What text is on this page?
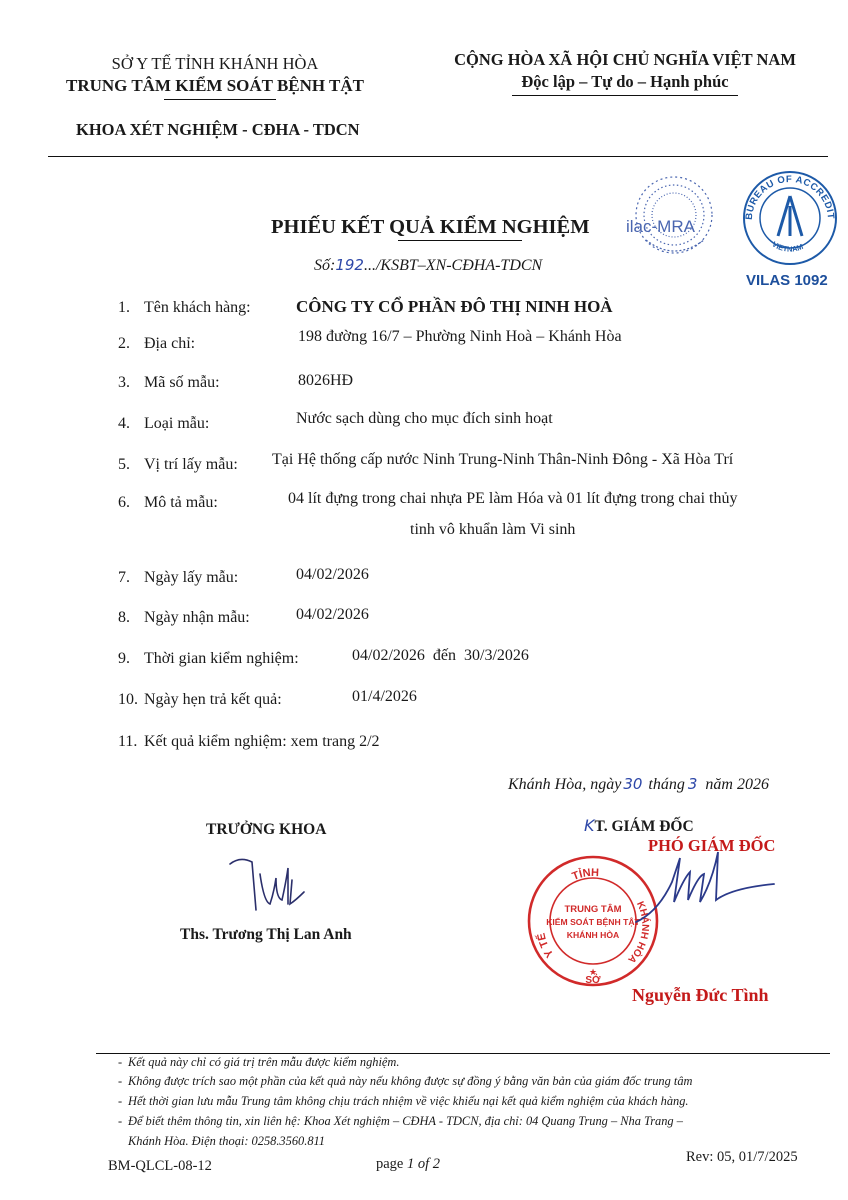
SỞ Y TẾ TỈNH KHÁNH HÒA
TRUNG TÂM KIỂM SOÁT BỆNH TẬT
KHOA XÉT NGHIỆM - CĐHA - TDCN
CỘNG HÒA XÃ HỘI CHỦ NGHĨA VIỆT NAM
Độc lập – Tự do – Hạnh phúc
ilac-MRA
BUREAU OF ACCREDIT
VIETNAM
VILAS 1092
PHIẾU KẾT QUẢ KIỂM NGHIỆM
Số:192.../KSBT–XN-CĐHA-TDCN
1. Tên khách hàng:	CÔNG TY CỔ PHẦN ĐÔ THỊ NINH HOÀ
2. Địa chỉ:	198 đường 16/7 – Phường Ninh Hoà – Khánh Hòa
3. Mã số mẫu:	8026HĐ
4. Loại mẫu:	Nước sạch dùng cho mục đích sinh hoạt
5. Vị trí lấy mẫu: Tại Hệ thống cấp nước Ninh Trung-Ninh Thân-Ninh Đông - Xã Hòa Trí
6. Mô tả mẫu:	04 lít đựng trong chai nhựa PE làm Hóa và 01 lít đựng trong chai thủy
tinh vô khuẩn làm Vi sinh
7. Ngày lấy mẫu:	04/02/2026
8. Ngày nhận mẫu:	04/02/2026
9. Thời gian kiểm nghiệm:	04/02/2026  đến  30/3/2026
10. Ngày hẹn trả kết quả:	01/4/2026
11. Kết quả kiểm nghiệm: xem trang 2/2
Khánh Hòa, ngày 30 tháng 3 năm 2026
TRƯỞNG KHOA
Ths. Trương Thị Lan Anh
KT. GIÁM ĐỐC
PHÓ GIÁM ĐỐC
TỈNH
Y TẾ
KHÁNH HÒA
SỞ
TRUNG TÂM
KIỂM SOÁT BỆNH TẬT
KHÁNH HÒA
★
Nguyễn Đức Tình
- Kết quả này chỉ có giá trị trên mẫu được kiểm nghiệm.
- Không được trích sao một phần của kết quả này nếu không được sự đồng ý bằng văn bản của giám đốc trung tâm
- Hết thời gian lưu mẫu Trung tâm không chịu trách nhiệm về việc khiếu nại kết quả kiểm nghiệm của khách hàng.
- Để biết thêm thông tin, xin liên hệ: Khoa Xét nghiệm – CĐHA - TDCN, địa chỉ: 04 Quang Trung – Nha Trang –
Khánh Hòa. Điện thoại: 0258.3560.811
BM-QLCL-08-12	page 1 of 2	Rev: 05, 01/7/2025
